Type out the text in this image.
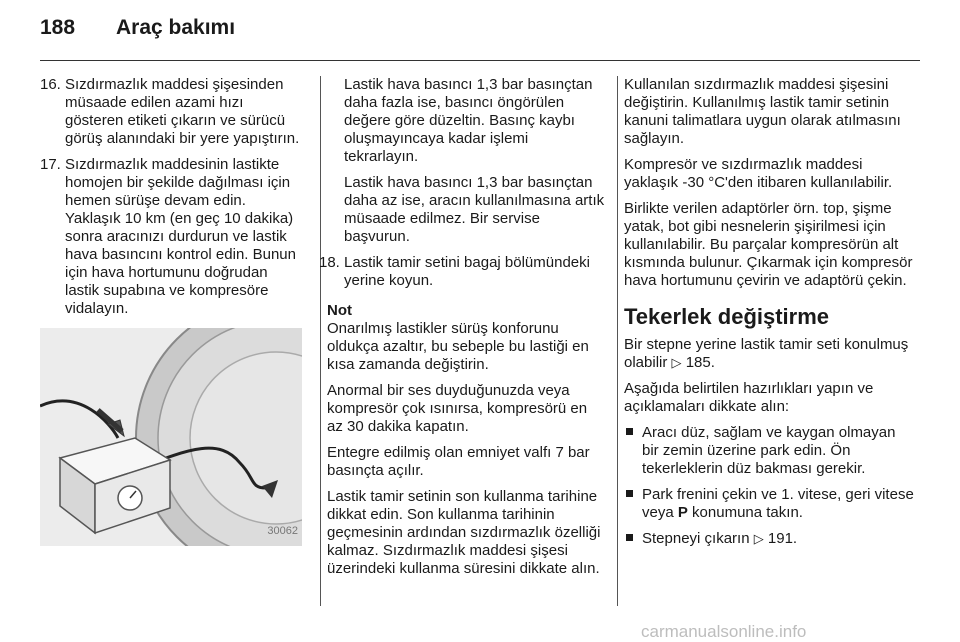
188 Araç bakımı
16. Sızdırmazlık maddesi şişesinden müsaade edilen azami hızı gösteren etiketi çıkarın ve sürücü görüş alanındaki bir yere yapıştırın.
17. Sızdırmazlık maddesinin lastikte homojen bir şekilde dağılması için hemen sürüşe devam edin. Yaklaşık 10 km (en geç 10 dakika) sonra aracınızı durdurun ve lastik hava basıncını kontrol edin. Bunun için hava hortumunu doğrudan lastik supabına ve kompresöre vidalayın.
30062

Lastik hava basıncı 1,3 bar basınçtan daha fazla ise, basıncı öngörülen değere göre düzeltin. Basınç kaybı oluşmayıncaya kadar işlemi tekrarlayın.

Lastik hava basıncı 1,3 bar basınçtan daha az ise, aracın kullanılmasına artık müsaade edilmez. Bir servise başvurun.

18. Lastik tamir setini bagaj bölümündeki yerine koyun.
Not

Onarılmış lastikler sürüş konforunu oldukça azaltır, bu sebeple bu lastiği en kısa zamanda değiştirin.

Anormal bir ses duyduğunuzda veya kompresör çok ısınırsa, kompresörü en az 30 dakika kapatın.

Entegre edilmiş olan emniyet valfı 7 bar basınçta açılır.

Lastik tamir setinin son kullanma tarihine dikkat edin. Son kullanma tarihinin geçmesinin ardından sızdırmazlık özelliği kalmaz. Sızdırmazlık maddesi şişesi üzerindeki kullanma süresini dikkate alın.

Kullanılan sızdırmazlık maddesi şişesini değiştirin. Kullanılmış lastik tamir setinin kanuni talimatlara uygun olarak atılmasını sağlayın.

Kompresör ve sızdırmazlık maddesi yaklaşık -30 °C'den itibaren kullanılabilir.

Birlikte verilen adaptörler örn. top, şişme yatak, bot gibi nesnelerin şişirilmesi için kullanılabilir. Bu parçalar kompresörün alt kısmında bulunur. Çıkarmak için kompresör hava hortumunu çevirin ve adaptörü çekin.

Tekerlek değiştirme

Bir stepne yerine lastik tamir seti konulmuş olabilir ▷ 185.

Aşağıda belirtilen hazırlıkları yapın ve açıklamaları dikkate alın:

Aracı düz, sağlam ve kaygan olmayan bir zemin üzerine park edin. Ön tekerleklerin düz bakması gerekir.
Park frenini çekin ve 1. vitese, geri vitese veya P konumuna takın.
Stepneyi çıkarın ▷ 191.
carmanualsonline.info
